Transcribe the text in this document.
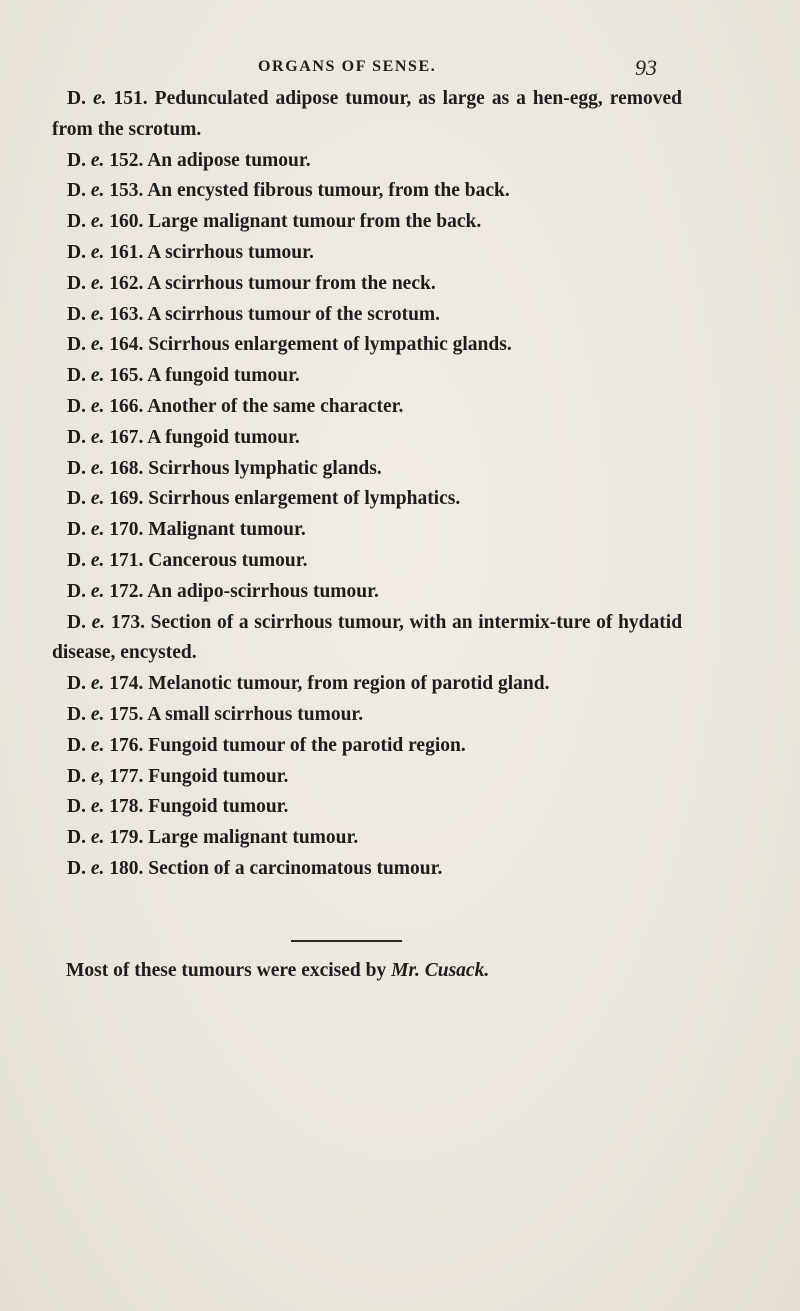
ORGANS OF SENSE.	93
D. e. 151. Pedunculated adipose tumour, as large as a hen-egg, removed from the scrotum.
D. e. 152. An adipose tumour.
D. e. 153. An encysted fibrous tumour, from the back.
D. e. 160. Large malignant tumour from the back.
D. e. 161. A scirrhous tumour.
D. e. 162. A scirrhous tumour from the neck.
D. e. 163. A scirrhous tumour of the scrotum.
D. e. 164. Scirrhous enlargement of lympathic glands.
D. e. 165. A fungoid tumour.
D. e. 166. Another of the same character.
D. e. 167. A fungoid tumour.
D. e. 168. Scirrhous lymphatic glands.
D. e. 169. Scirrhous enlargement of lymphatics.
D. e. 170. Malignant tumour.
D. e. 171. Cancerous tumour.
D. e. 172. An adipo-scirrhous tumour.
D. e. 173. Section of a scirrhous tumour, with an intermix-ture of hydatid disease, encysted.
D. e. 174. Melanotic tumour, from region of parotid gland.
D. e. 175. A small scirrhous tumour.
D. e. 176. Fungoid tumour of the parotid region.
D. e, 177. Fungoid tumour.
D. e. 178. Fungoid tumour.
D. e. 179. Large malignant tumour.
D. e. 180. Section of a carcinomatous tumour.
Most of these tumours were excised by Mr. Cusack.
